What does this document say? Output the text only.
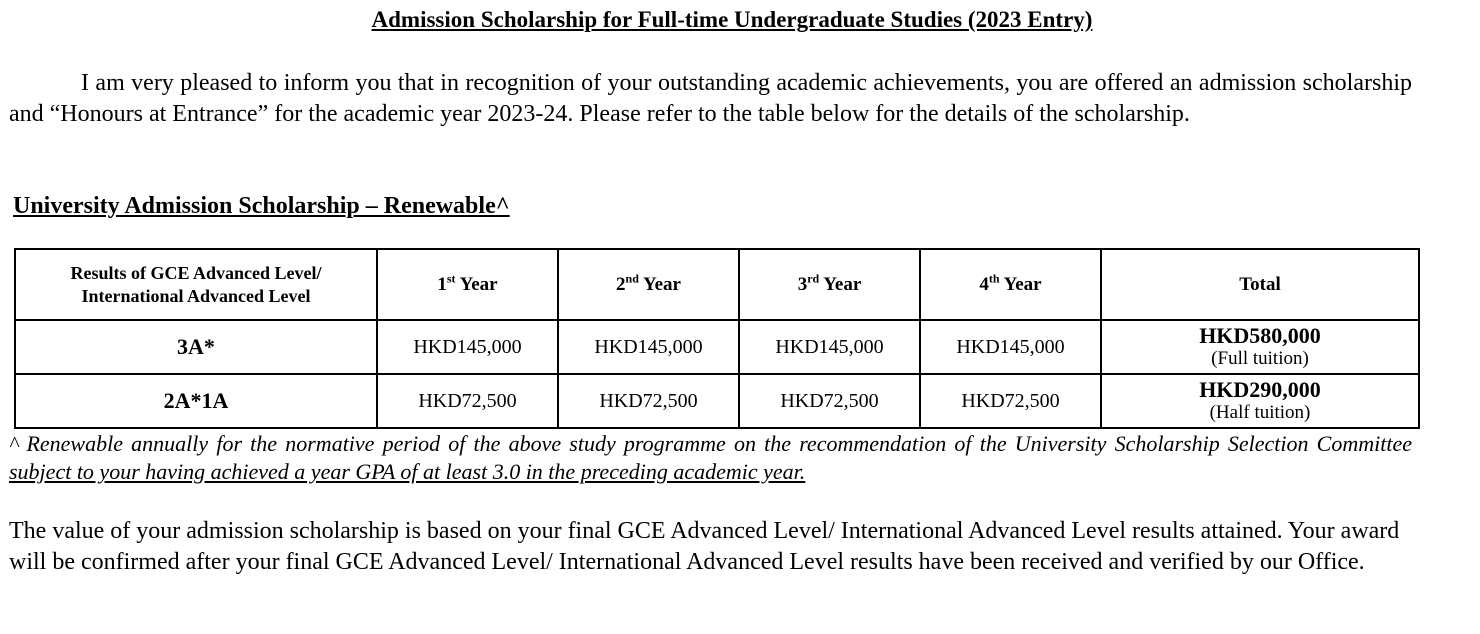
Admission Scholarship for Full-time Undergraduate Studies (2023 Entry)
I am very pleased to inform you that in recognition of your outstanding academic achievements, you are offered an admission scholarship and “Honours at Entrance” for the academic year 2023-24. Please refer to the table below for the details of the scholarship.
University Admission Scholarship – Renewable^
Results of GCE Advanced Level/
International Advanced Level	1st Year	2nd Year	3rd Year	4th Year	Total
3A*	HKD145,000	HKD145,000	HKD145,000	HKD145,000	HKD580,000
(Full tuition)

2A*1A	HKD72,500	HKD72,500	HKD72,500	HKD72,500	HKD290,000
(Half tuition)
^ Renewable annually for the normative period of the above study programme on the recommendation of the University Scholarship Selection Committee subject to your having achieved a year GPA of at least 3.0 in the preceding academic year.
The value of your admission scholarship is based on your final GCE Advanced Level/ International Advanced Level results attained. Your award will be confirmed after your final GCE Advanced Level/ International Advanced Level results have been received and verified by our Office.
